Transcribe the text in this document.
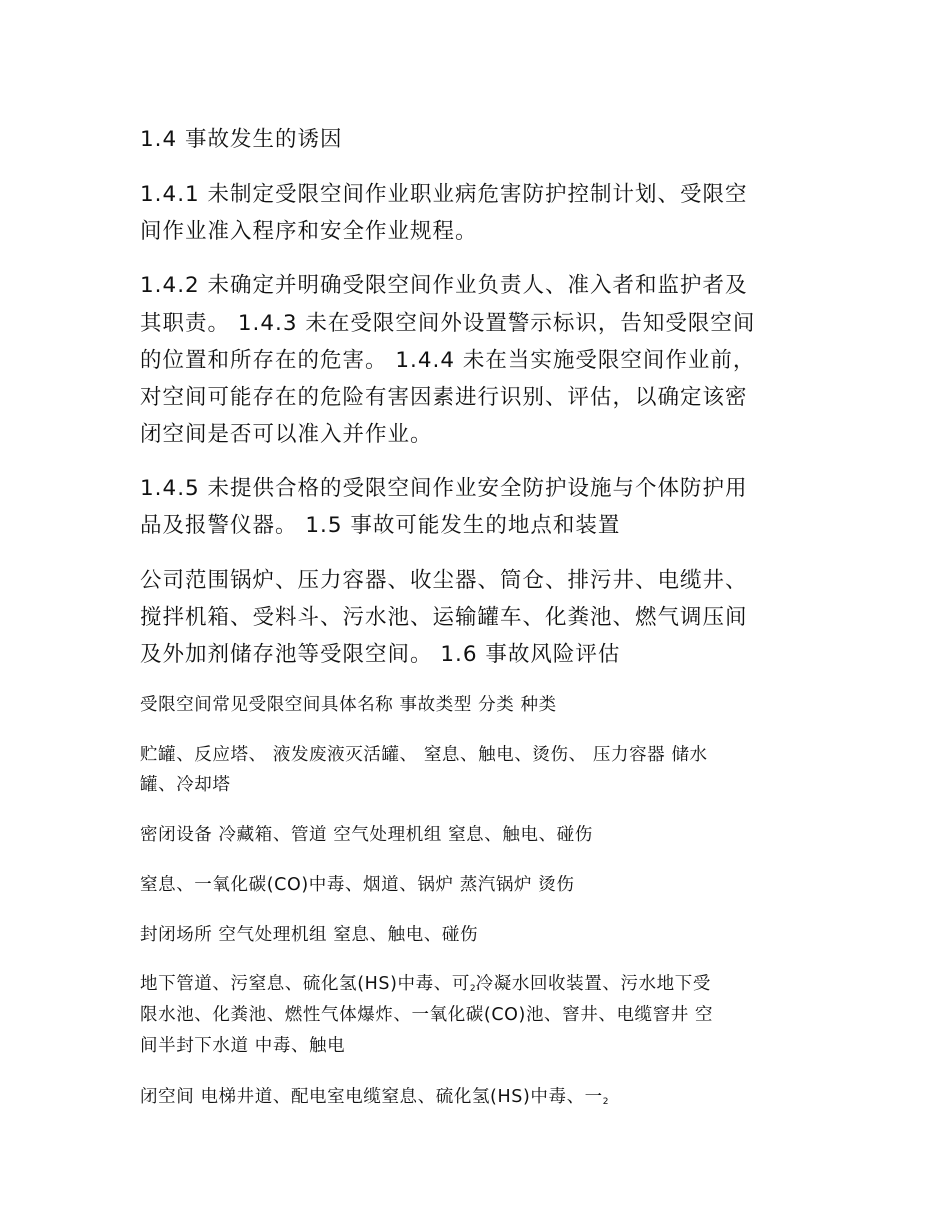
1.4 事故发生的诱因
1.4.1 未制定受限空间作业职业病危害防护控制计划、受限空
间作业准入程序和安全作业规程。
1.4.2 未确定并明确受限空间作业负责人、准入者和监护者及
其职责。 1.4.3 未在受限空间外设置警示标识，告知受限空间
的位置和所存在的危害。 1.4.4 未在当实施受限空间作业前，
对空间可能存在的危险有害因素进行识别、评估，以确定该密
闭空间是否可以准入并作业。
1.4.5 未提供合格的受限空间作业安全防护设施与个体防护用
品及报警仪器。 1.5 事故可能发生的地点和装置
公司范围锅炉、压力容器、收尘器、筒仓、排污井、电缆井、
搅拌机箱、受料斗、污水池、运输罐车、化粪池、燃气调压间
及外加剂储存池等受限空间。 1.6 事故风险评估
受限空间常见受限空间具体名称 事故类型 分类 种类
贮罐、反应塔、 液发废液灭活罐、 窒息、触电、烫伤、 压力容器 储水
罐、冷却塔
密闭设备 冷藏箱、管道 空气处理机组 窒息、触电、碰伤
窒息、一氧化碳(CO)中毒、烟道、锅炉 蒸汽锅炉 烫伤
封闭场所 空气处理机组 窒息、触电、碰伤
地下管道、污窒息、硫化氢(HS)中毒、可$_2$冷凝水回收装置、污水地下受
限水池、化粪池、燃性气体爆炸、一氧化碳(CO)池、窨井、电缆窨井 空
间半封下水道 中毒、触电
闭空间 电梯井道、配电室电缆窒息、硫化氢(HS)中毒、一$_2$
